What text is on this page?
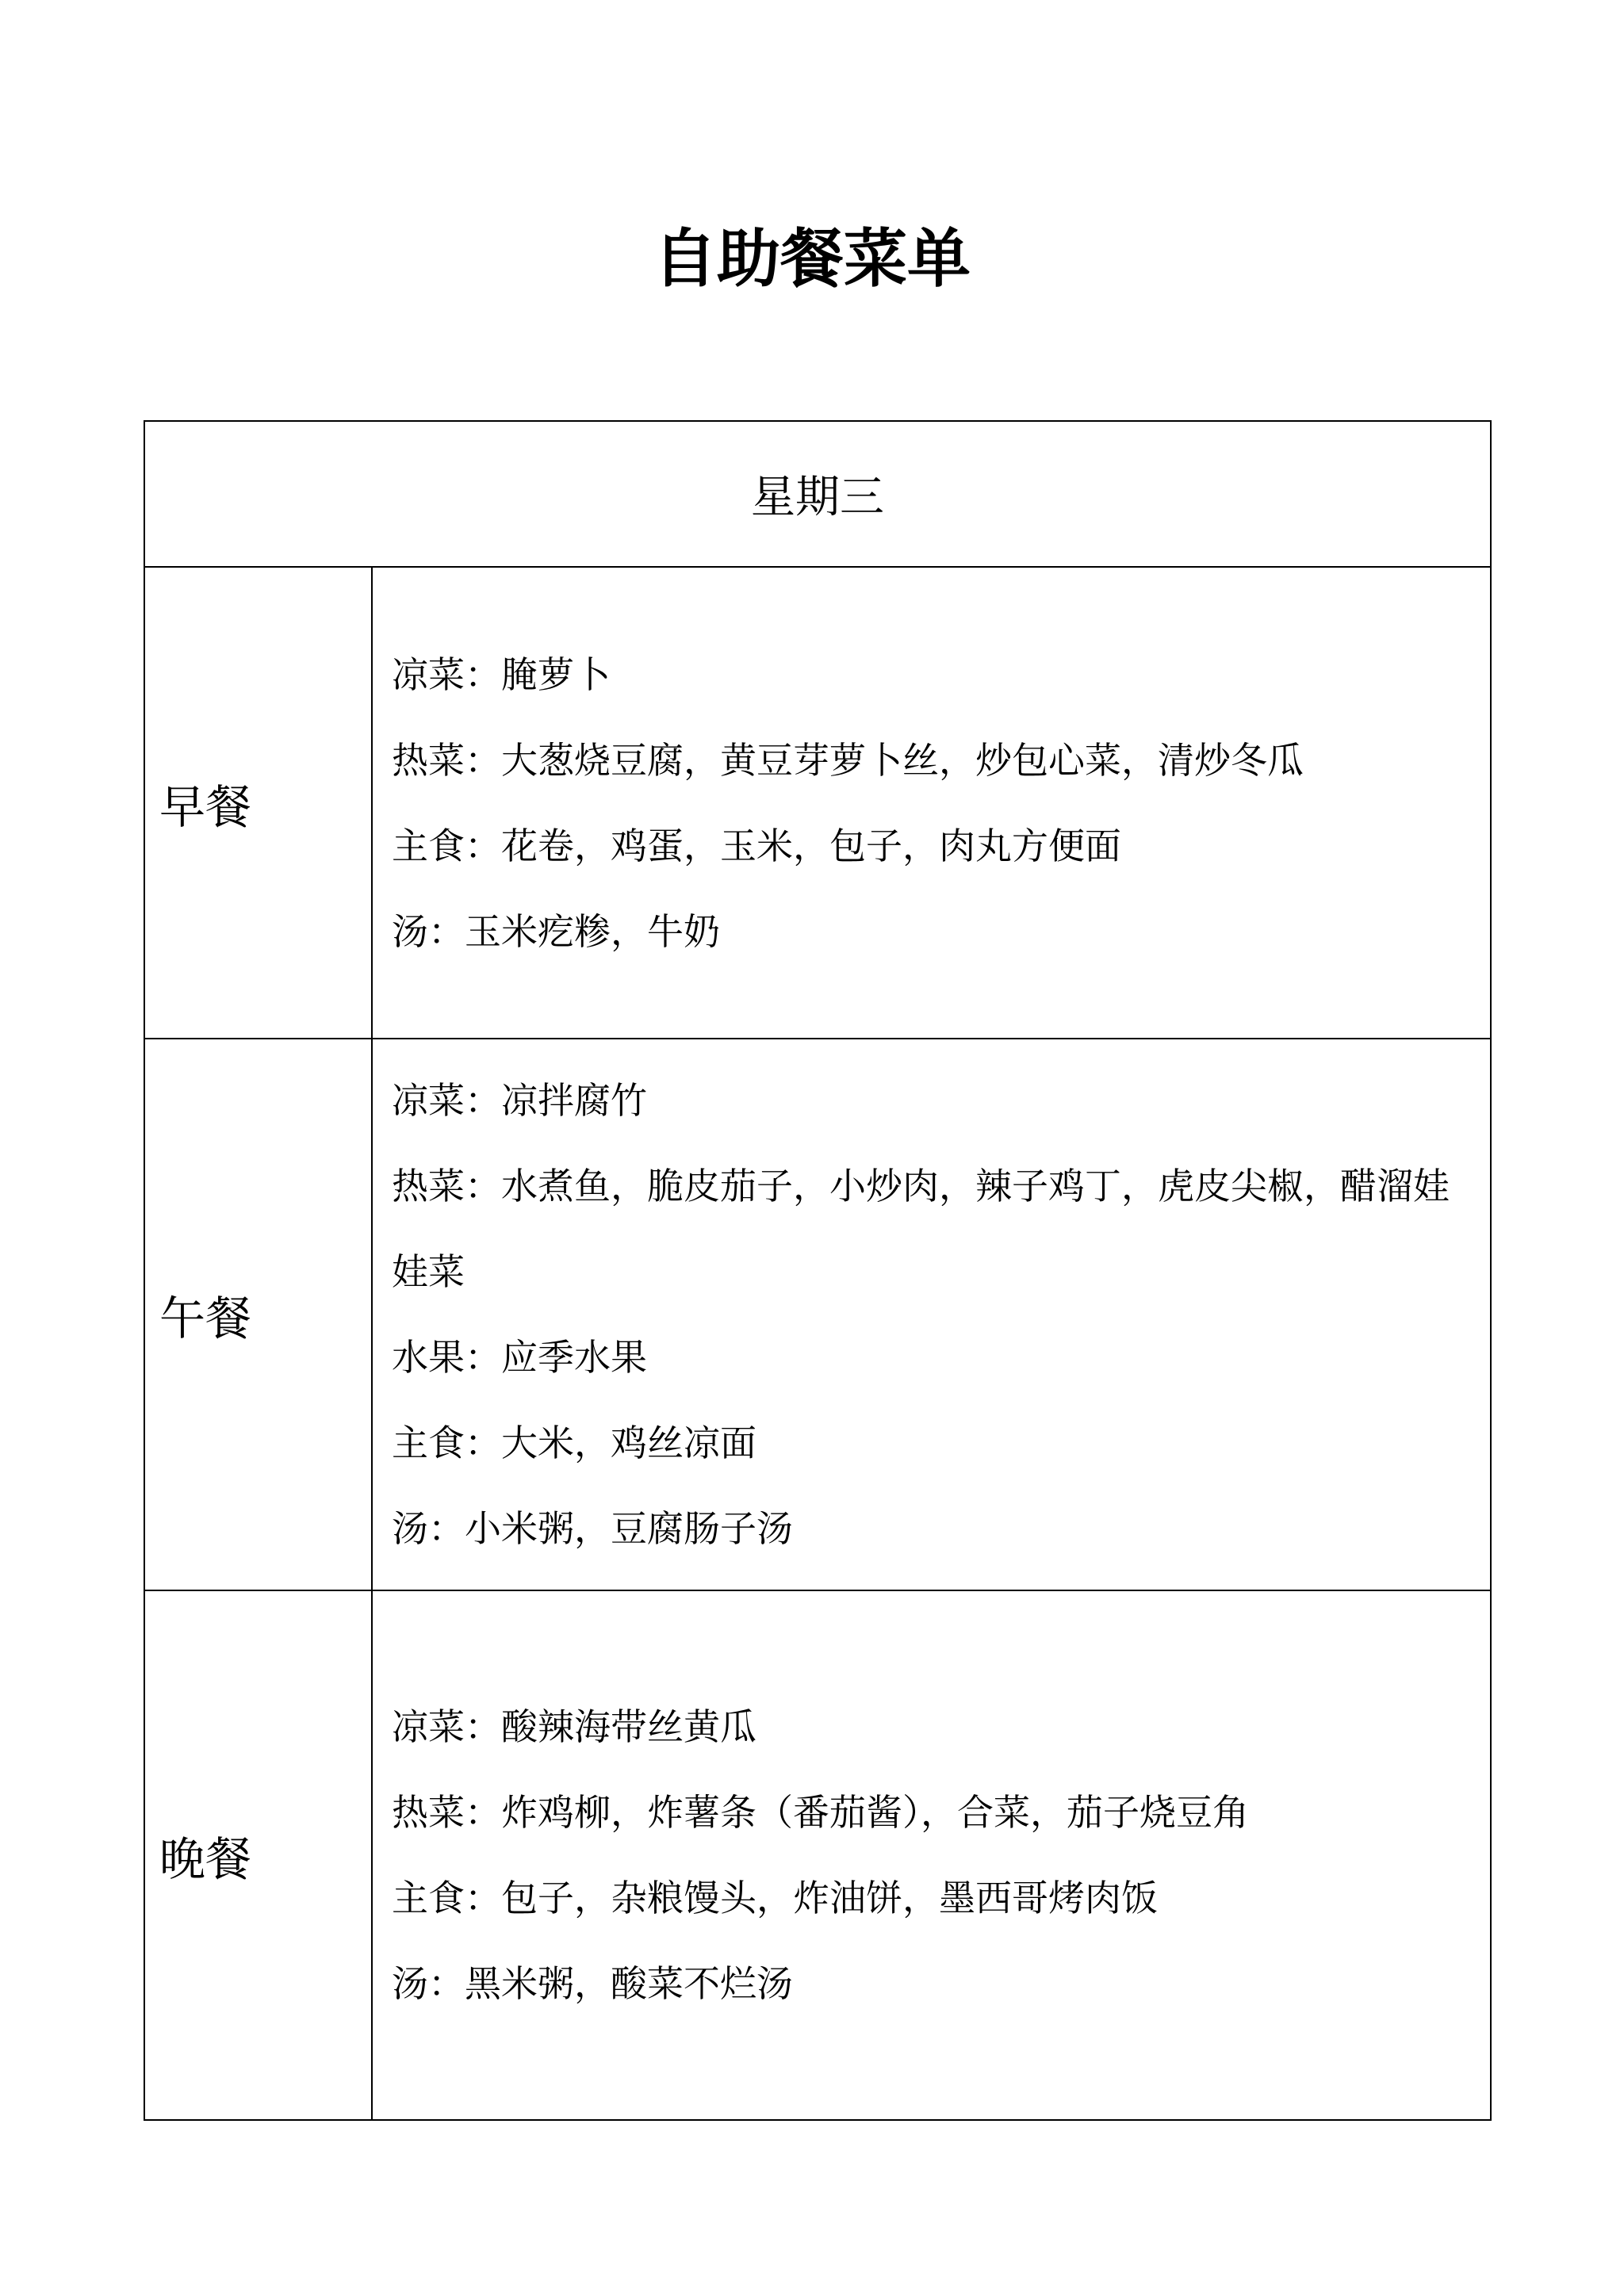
自助餐菜单
星期三	
早餐	凉菜：腌萝卜
热菜：大葱烧豆腐，黄豆芽萝卜丝，炒包心菜，清炒冬瓜
主食：花卷，鸡蛋，玉米，包子，肉丸方便面
汤：玉米疙糁，牛奶

午餐	凉菜：凉拌腐竹
热菜：水煮鱼，脆皮茄子，小炒肉，辣子鸡丁，虎皮尖椒，醋溜娃娃菜
水果：应季水果
主食：大米，鸡丝凉面
汤：小米粥，豆腐肠子汤

晚餐	凉菜：酸辣海带丝黄瓜
热菜：炸鸡柳，炸薯条（番茄酱），合菜，茄子烧豆角
主食：包子，杂粮馒头，炸油饼，墨西哥烤肉饭
汤：黑米粥，酸菜不烂汤
